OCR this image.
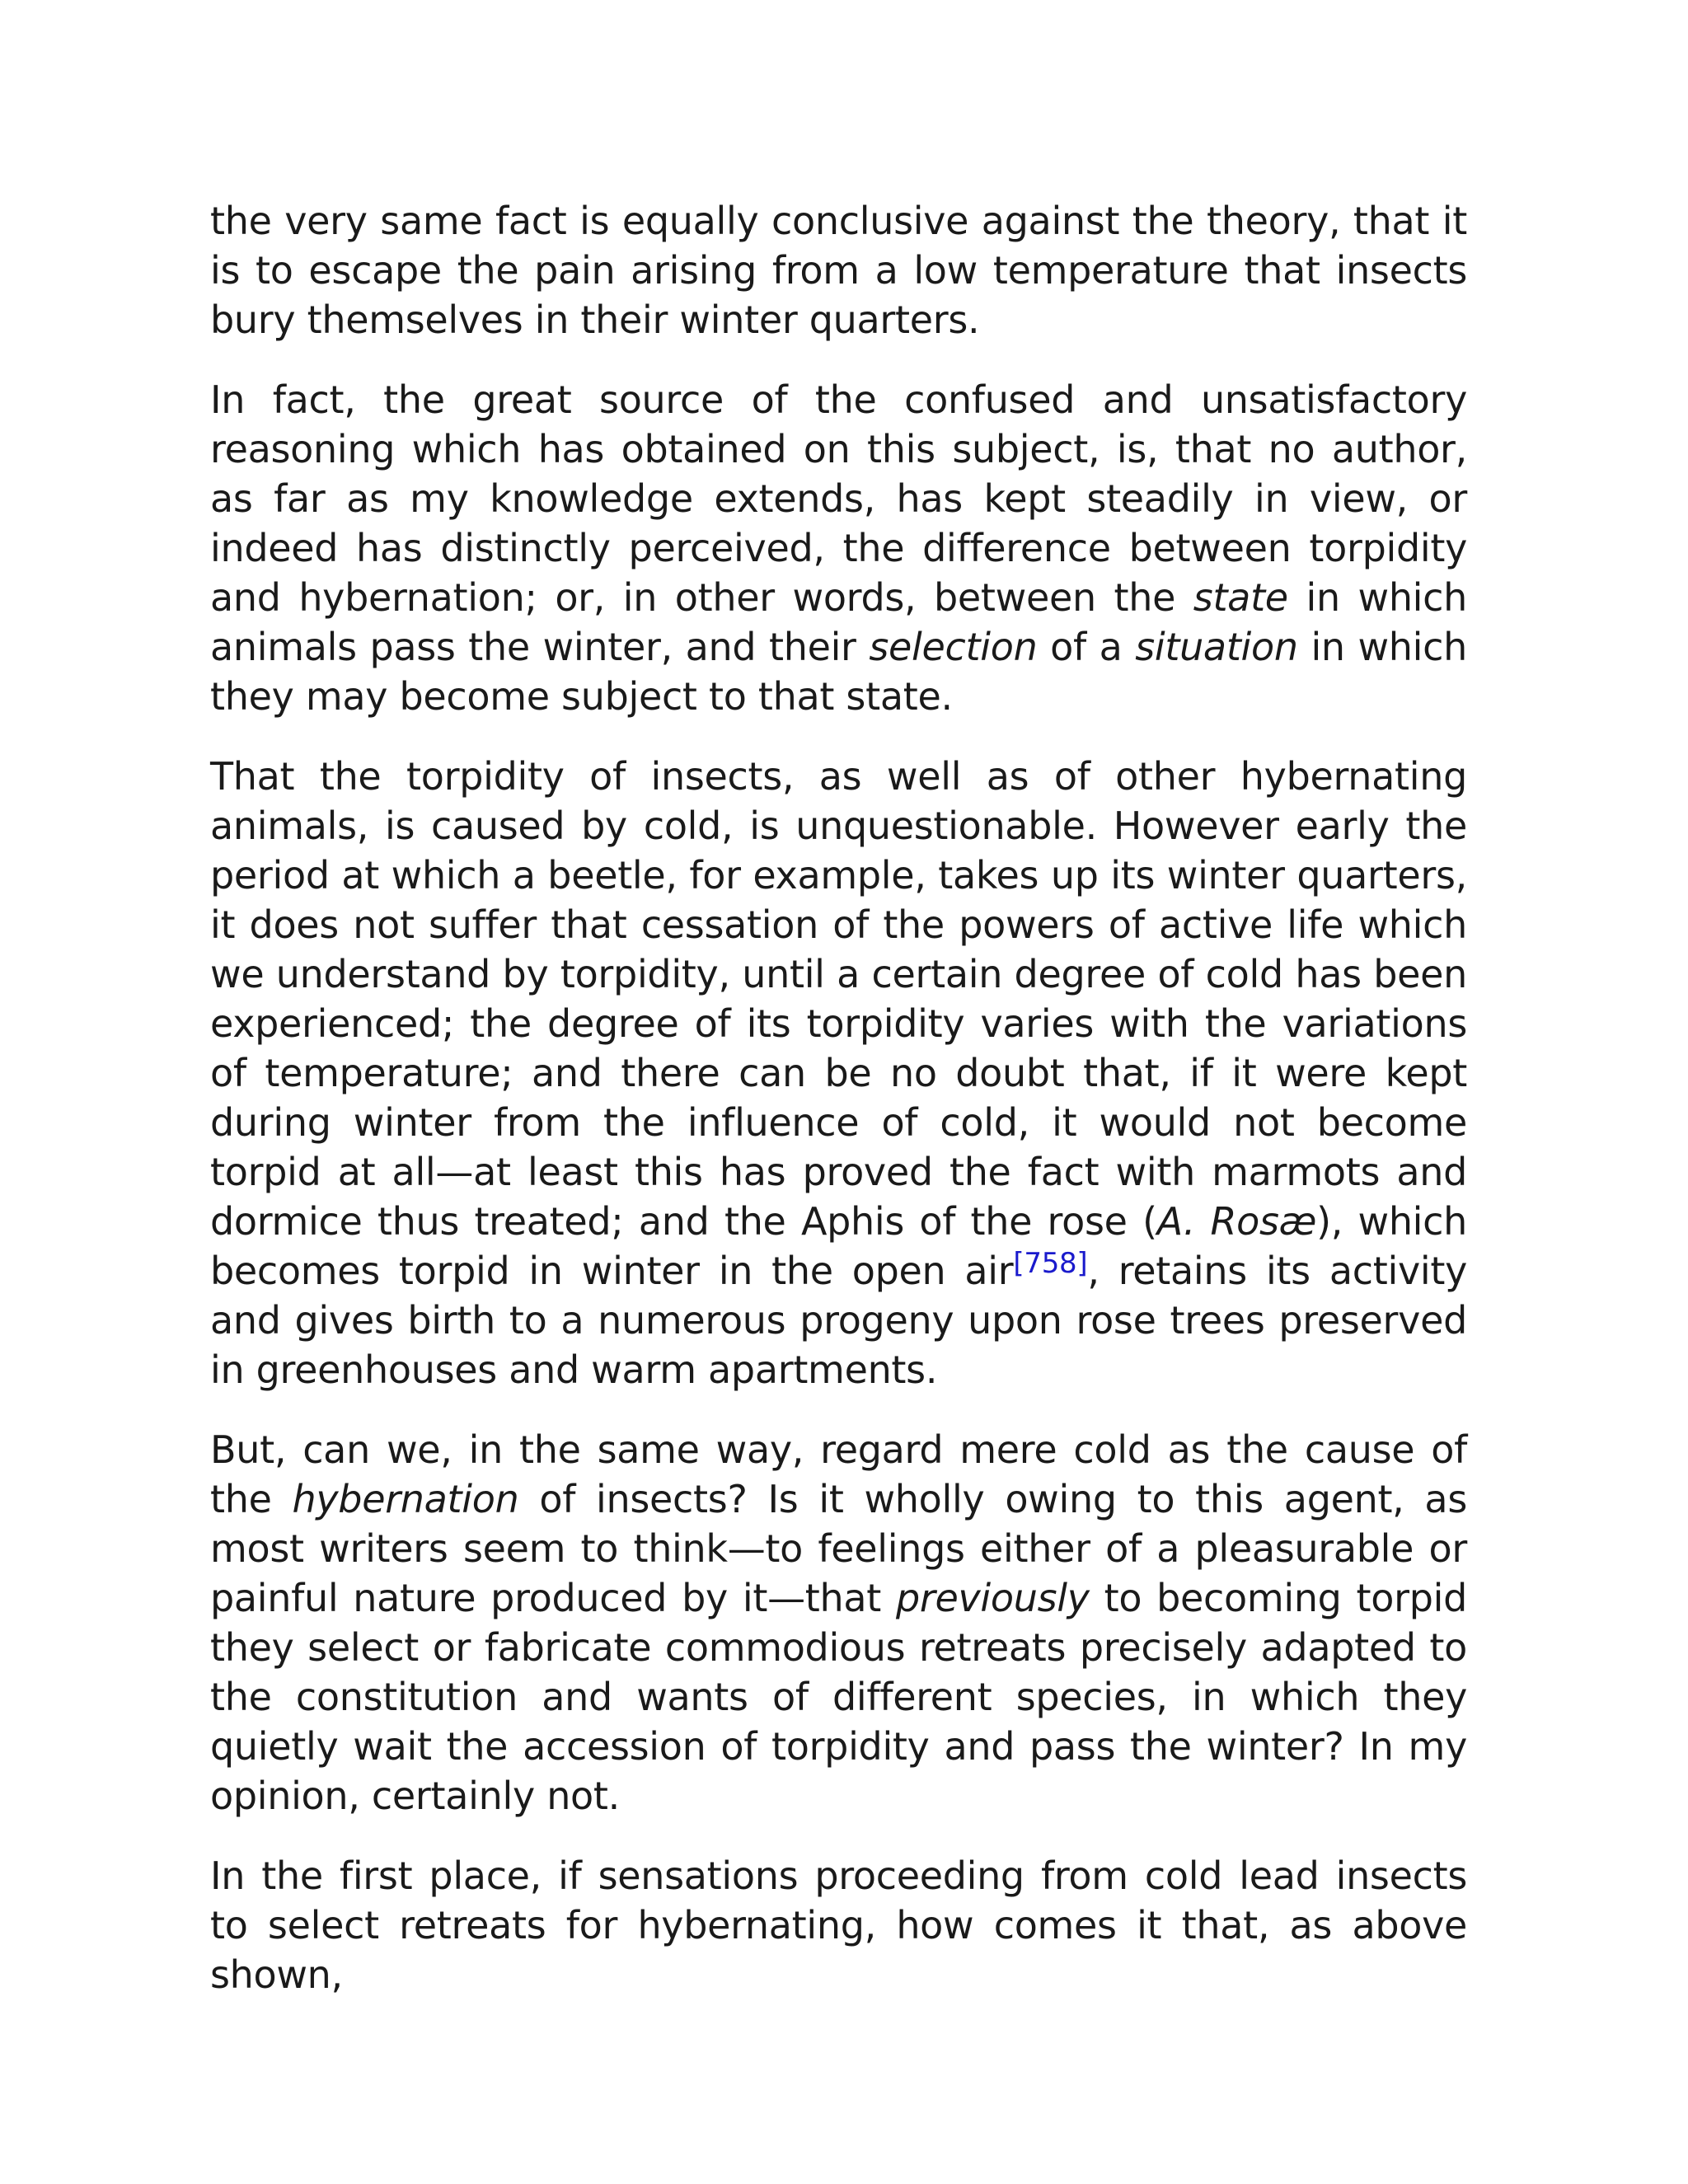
the very same fact is equally conclusive against the theory, that it is to escape the pain arising from a low temperature that insects bury themselves in their winter quarters.

In fact, the great source of the confused and unsatisfactory reasoning which has obtained on this subject, is, that no author, as far as my knowledge extends, has kept steadily in view, or indeed has distinctly perceived, the difference between torpidity and hybernation; or, in other words, between the state in which animals pass the winter, and their selection of a situation in which they may become subject to that state.

That the torpidity of insects, as well as of other hybernating animals, is caused by cold, is unquestionable. However early the period at which a beetle, for example, takes up its winter quarters, it does not suffer that cessation of the powers of active life which we understand by torpidity, until a certain degree of cold has been experienced; the degree of its torpidity varies with the variations of temperature; and there can be no doubt that, if it were kept during winter from the influence of cold, it would not become torpid at all—at least this has proved the fact with marmots and dormice thus treated; and the Aphis of the rose (A. Rosæ), which becomes torpid in winter in the open air[758], retains its activity and gives birth to a numerous progeny upon rose trees preserved in greenhouses and warm apartments.

But, can we, in the same way, regard mere cold as the cause of the hybernation of insects? Is it wholly owing to this agent, as most writers seem to think—to feelings either of a pleasurable or painful nature produced by it—that previously to becoming torpid they select or fabricate commodious retreats precisely adapted to the constitution and wants of different species, in which they quietly wait the accession of torpidity and pass the winter? In my opinion, certainly not.

In the first place, if sensations proceeding from cold lead insects to select retreats for hybernating, how comes it that, as above shown,
